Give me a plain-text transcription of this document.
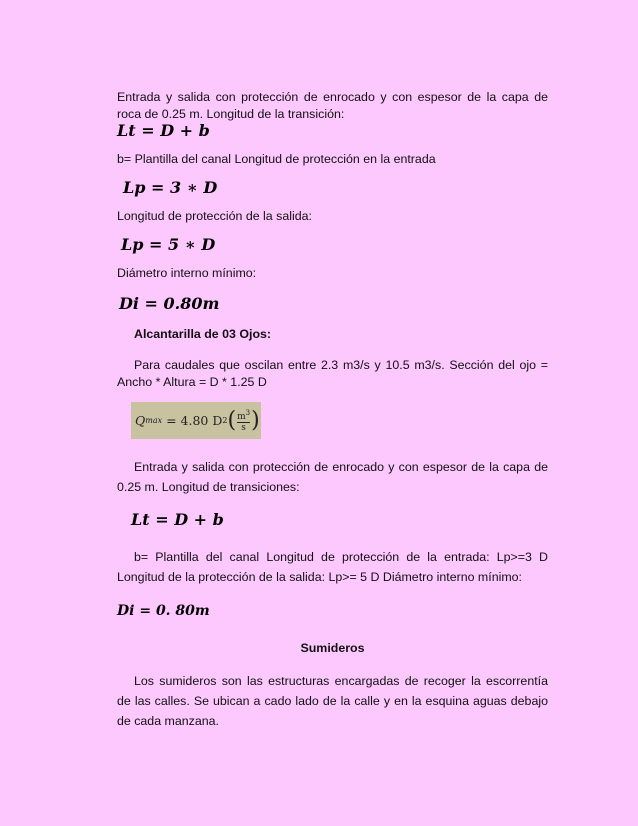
Entrada y salida con protección de enrocado y con espesor de la capa de roca de 0.25 m. Longitud de la transición:
Lt = D + b
b= Plantilla del canal Longitud de protección en la entrada
Lp = 3 ∗ D
Longitud de protección de la salida:
Lp = 5 ∗ D
Diámetro interno mínimo:
Di = 0.80m
Alcantarilla de 03 Ojos:
Para caudales que oscilan entre 2.3 m3/s y 10.5 m3/s. Sección del ojo = Ancho * Altura = D * 1.25 D
Q max
= 4.80 D 2 ( $\frac{m^3}{s}$ )
Entrada y salida con protección de enrocado y con espesor de la capa de 0.25 m. Longitud de transiciones:
Lt = D + b
b= Plantilla del canal Longitud de protección de la entrada: Lp>=3 D Longitud de la protección de la salida: Lp>= 5 D Diámetro interno mínimo:
Di = 0. 80m
Sumideros
Los sumideros son las estructuras encargadas de recoger la escorrentía de las calles. Se ubican a cado lado de la calle y en la esquina aguas debajo de cada manzana.
